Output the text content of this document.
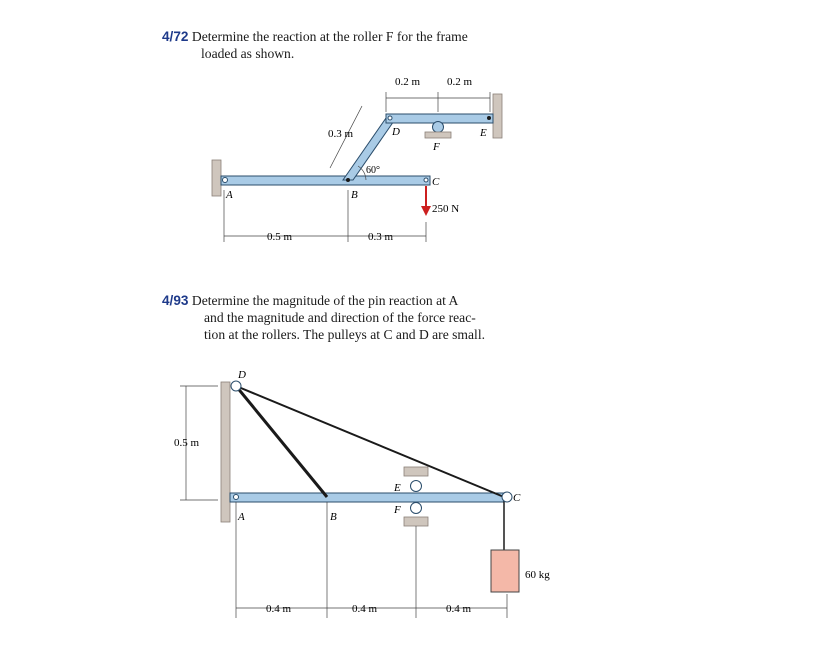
4/72 Determine the reaction at the roller F for the frame
loaded as shown.
0.2 m 0.2 m
0.3 m
60°
250 N
0.5 m	0.3 m
A	B
C
D	E
F
4/93 Determine the magnitude of the pin reaction at A
and the magnitude and direction of the force reac-
tion at the rollers. The pulleys at C and D are small.
0.5 m
60 kg
0.4 m	0.4 m	0.4 m
D
A	B
C
E
F
